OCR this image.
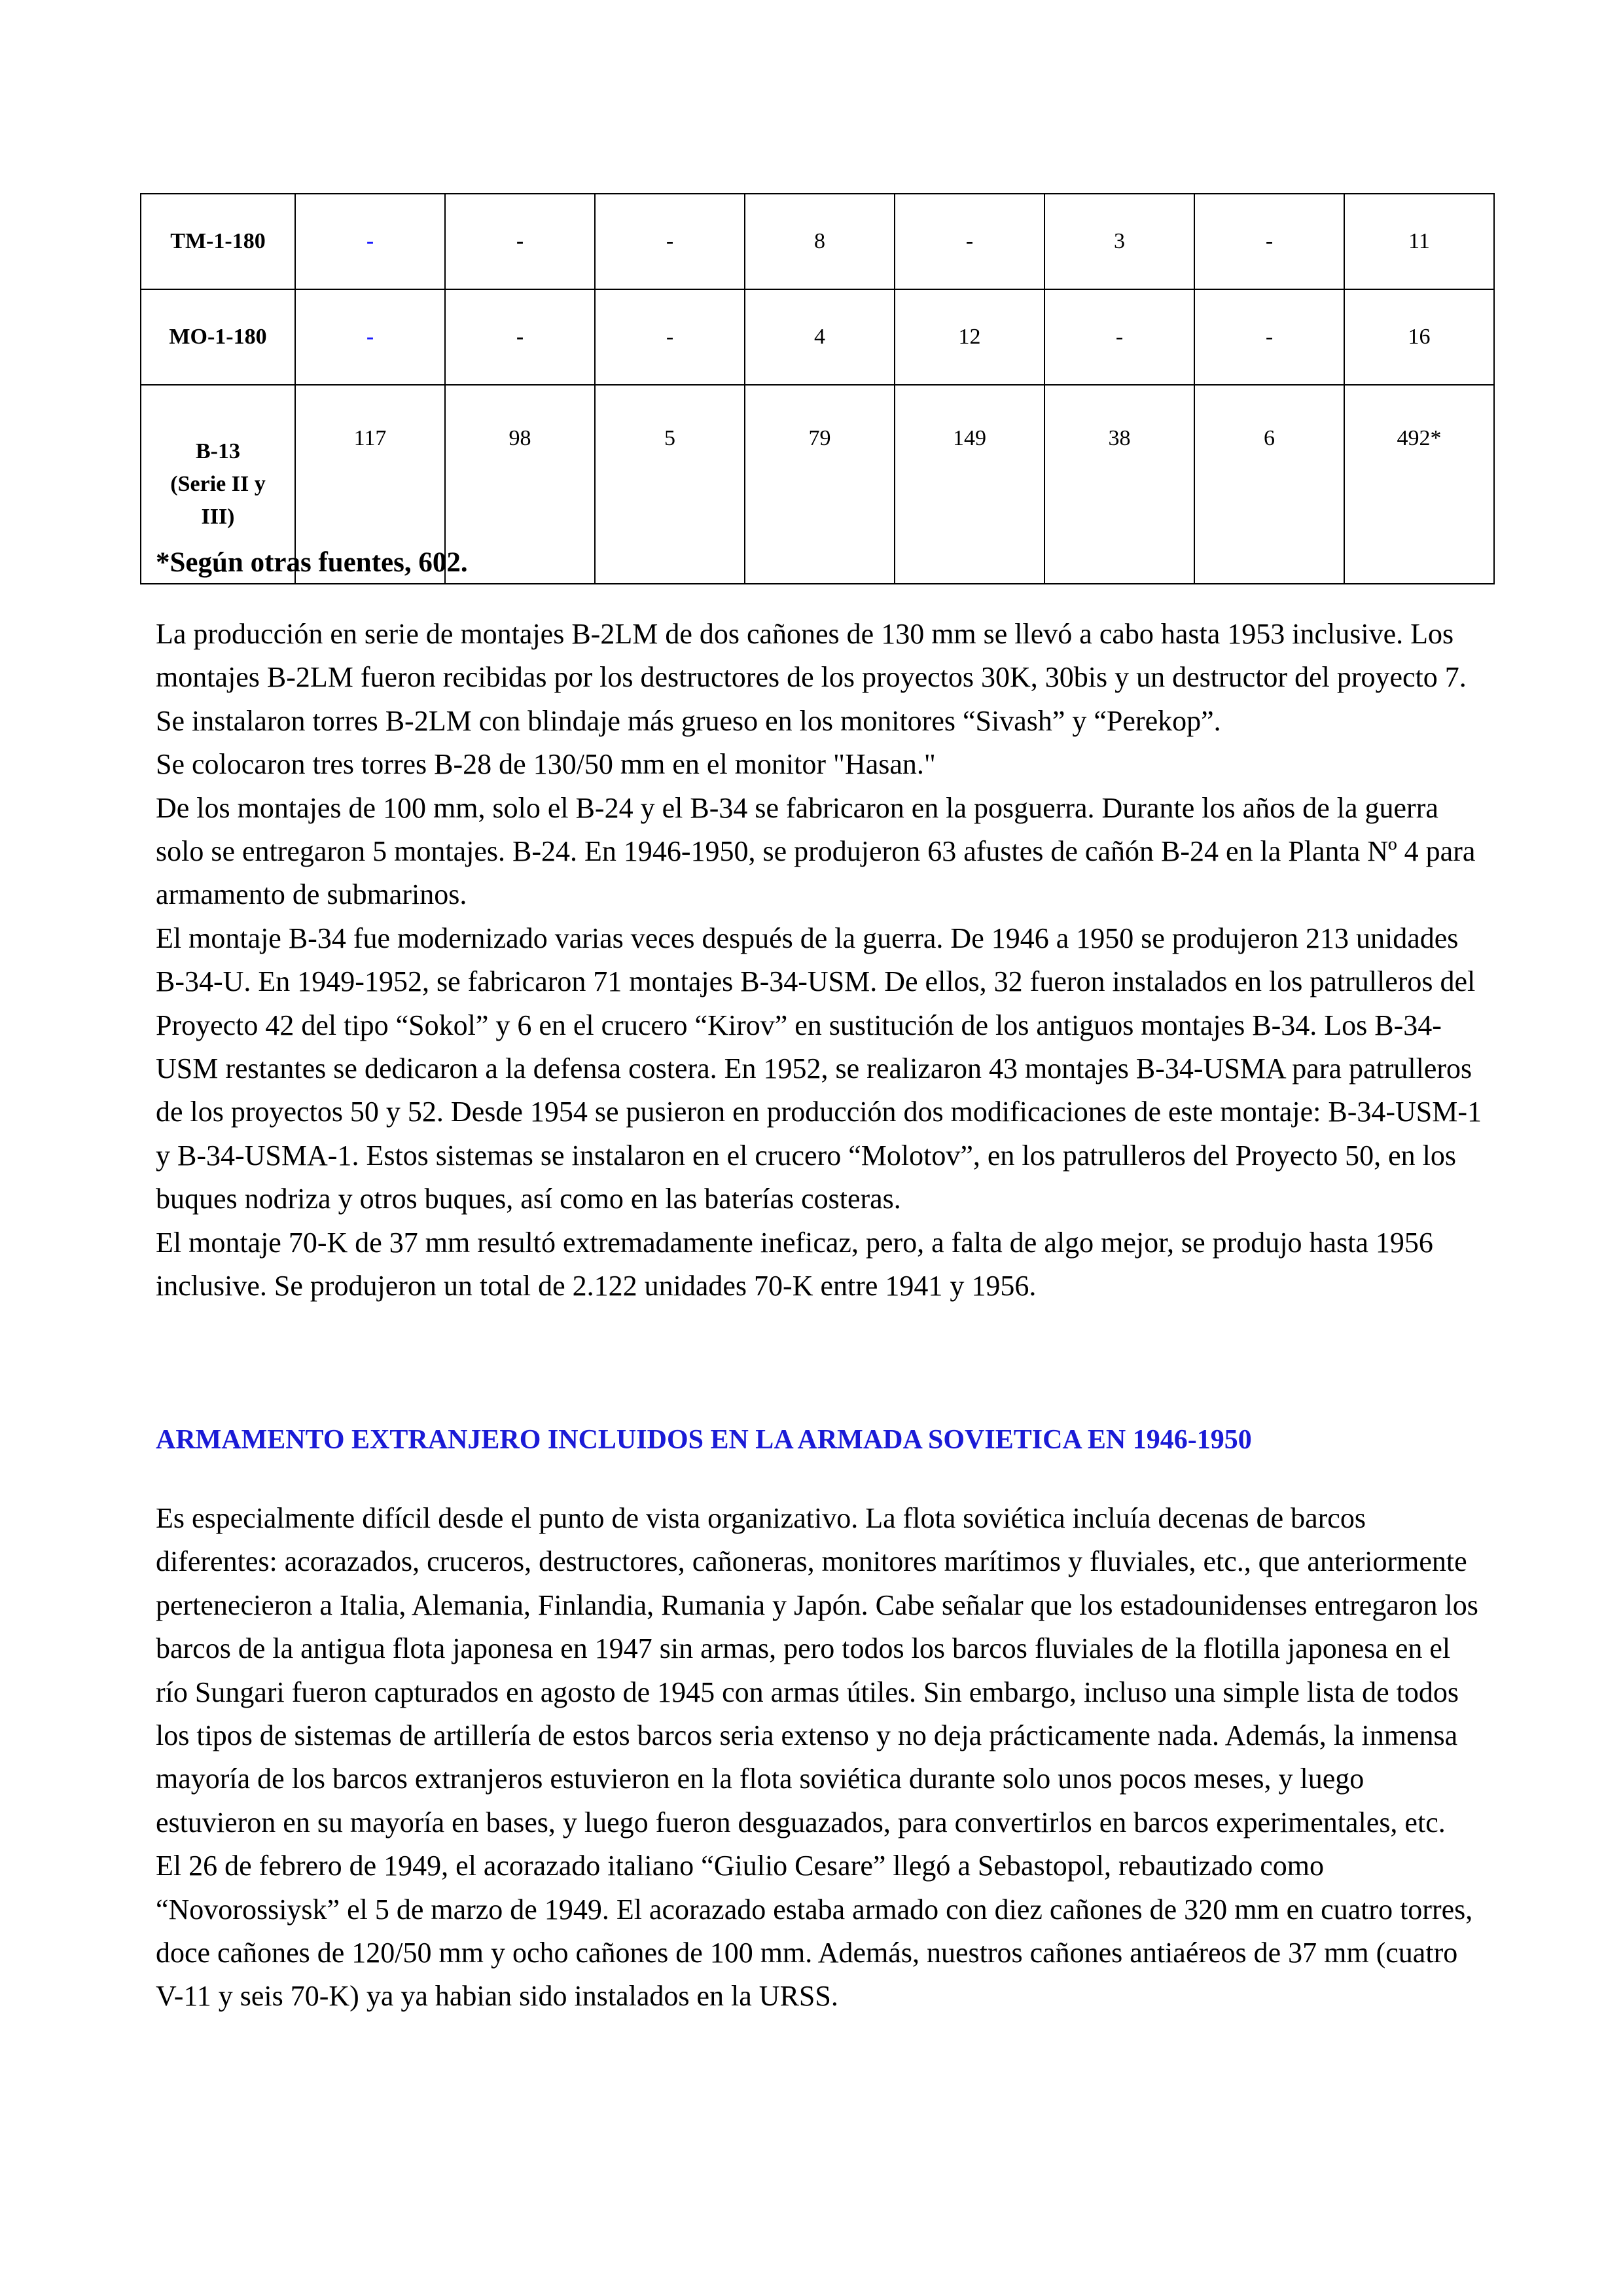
TM-1-180	-	-	-	8	-	3	-	11
MO-1-180	-	-	-	4	12	-	-	16

B-13
(Serie II y
III)	117	98	5	79	149	38	6	492*

*Según otras fuentes, 602.

La producción en serie de montajes B-2LM de dos cañones de 130 mm se llevó a cabo hasta 1953 inclusive. Los montajes B-2LM fueron recibidas por los destructores de los proyectos 30K, 30bis y un destructor del proyecto 7. Se instalaron torres B-2LM con blindaje más grueso en los monitores “Sivash” y “Perekop”.

Se colocaron tres torres B-28 de 130/50 mm en el monitor "Hasan."

De los montajes de 100 mm, solo el B-24 y el B-34 se fabricaron en la posguerra. Durante los años de la guerra solo se entregaron 5 montajes. B-24. En 1946-1950, se produjeron 63 afustes de cañón B-24 en la Planta Nº 4 para armamento de submarinos.

El montaje B-34 fue modernizado varias veces después de la guerra. De 1946 a 1950 se produjeron 213 unidades B-34-U. En 1949-1952, se fabricaron 71 montajes B-34-USM. De ellos, 32 fueron instalados en los patrulleros del Proyecto 42 del tipo “Sokol” y 6 en el crucero “Kirov” en sustitución de los antiguos montajes B-34. Los B-34-USM restantes se dedicaron a la defensa costera. En 1952, se realizaron 43 montajes B-34-USMA para patrulleros de los proyectos 50 y 52. Desde 1954 se pusieron en producción dos modificaciones de este montaje: B-34-USM-1 y B-34-USMA-1. Estos sistemas se instalaron en el crucero “Molotov”, en los patrulleros del Proyecto 50, en los buques nodriza y otros buques, así como en las baterías costeras.

El montaje 70-K de 37 mm resultó extremadamente ineficaz, pero, a falta de algo mejor, se produjo hasta 1956 inclusive. Se produjeron un total de 2.122 unidades 70-K entre 1941 y 1956.

ARMAMENTO EXTRANJERO INCLUIDOS EN LA ARMADA SOVIETICA EN 1946-1950

Es especialmente difícil desde el punto de vista organizativo. La flota soviética incluía decenas de barcos diferentes: acorazados, cruceros, destructores, cañoneras, monitores marítimos y fluviales, etc., que anteriormente pertenecieron a Italia, Alemania, Finlandia, Rumania y Japón. Cabe señalar que los estadounidenses entregaron los barcos de la antigua flota japonesa en 1947 sin armas, pero todos los barcos fluviales de la flotilla japonesa en el río Sungari fueron capturados en agosto de 1945 con armas útiles. Sin embargo, incluso una simple lista de todos los tipos de sistemas de artillería de estos barcos seria extenso y no deja prácticamente nada. Además, la inmensa mayoría de los barcos extranjeros estuvieron en la flota soviética durante solo unos pocos meses, y luego estuvieron en su mayoría en bases, y luego fueron desguazados, para convertirlos en barcos experimentales, etc.

El 26 de febrero de 1949, el acorazado italiano “Giulio Cesare” llegó a Sebastopol, rebautizado como “Novorossiysk” el 5 de marzo de 1949. El acorazado estaba armado con diez cañones de 320 mm en cuatro torres, doce cañones de 120/50 mm y ocho cañones de 100 mm. Además, nuestros cañones antiaéreos de 37 mm (cuatro V-11 y seis 70-K) ya ya habian sido instalados en la URSS.
